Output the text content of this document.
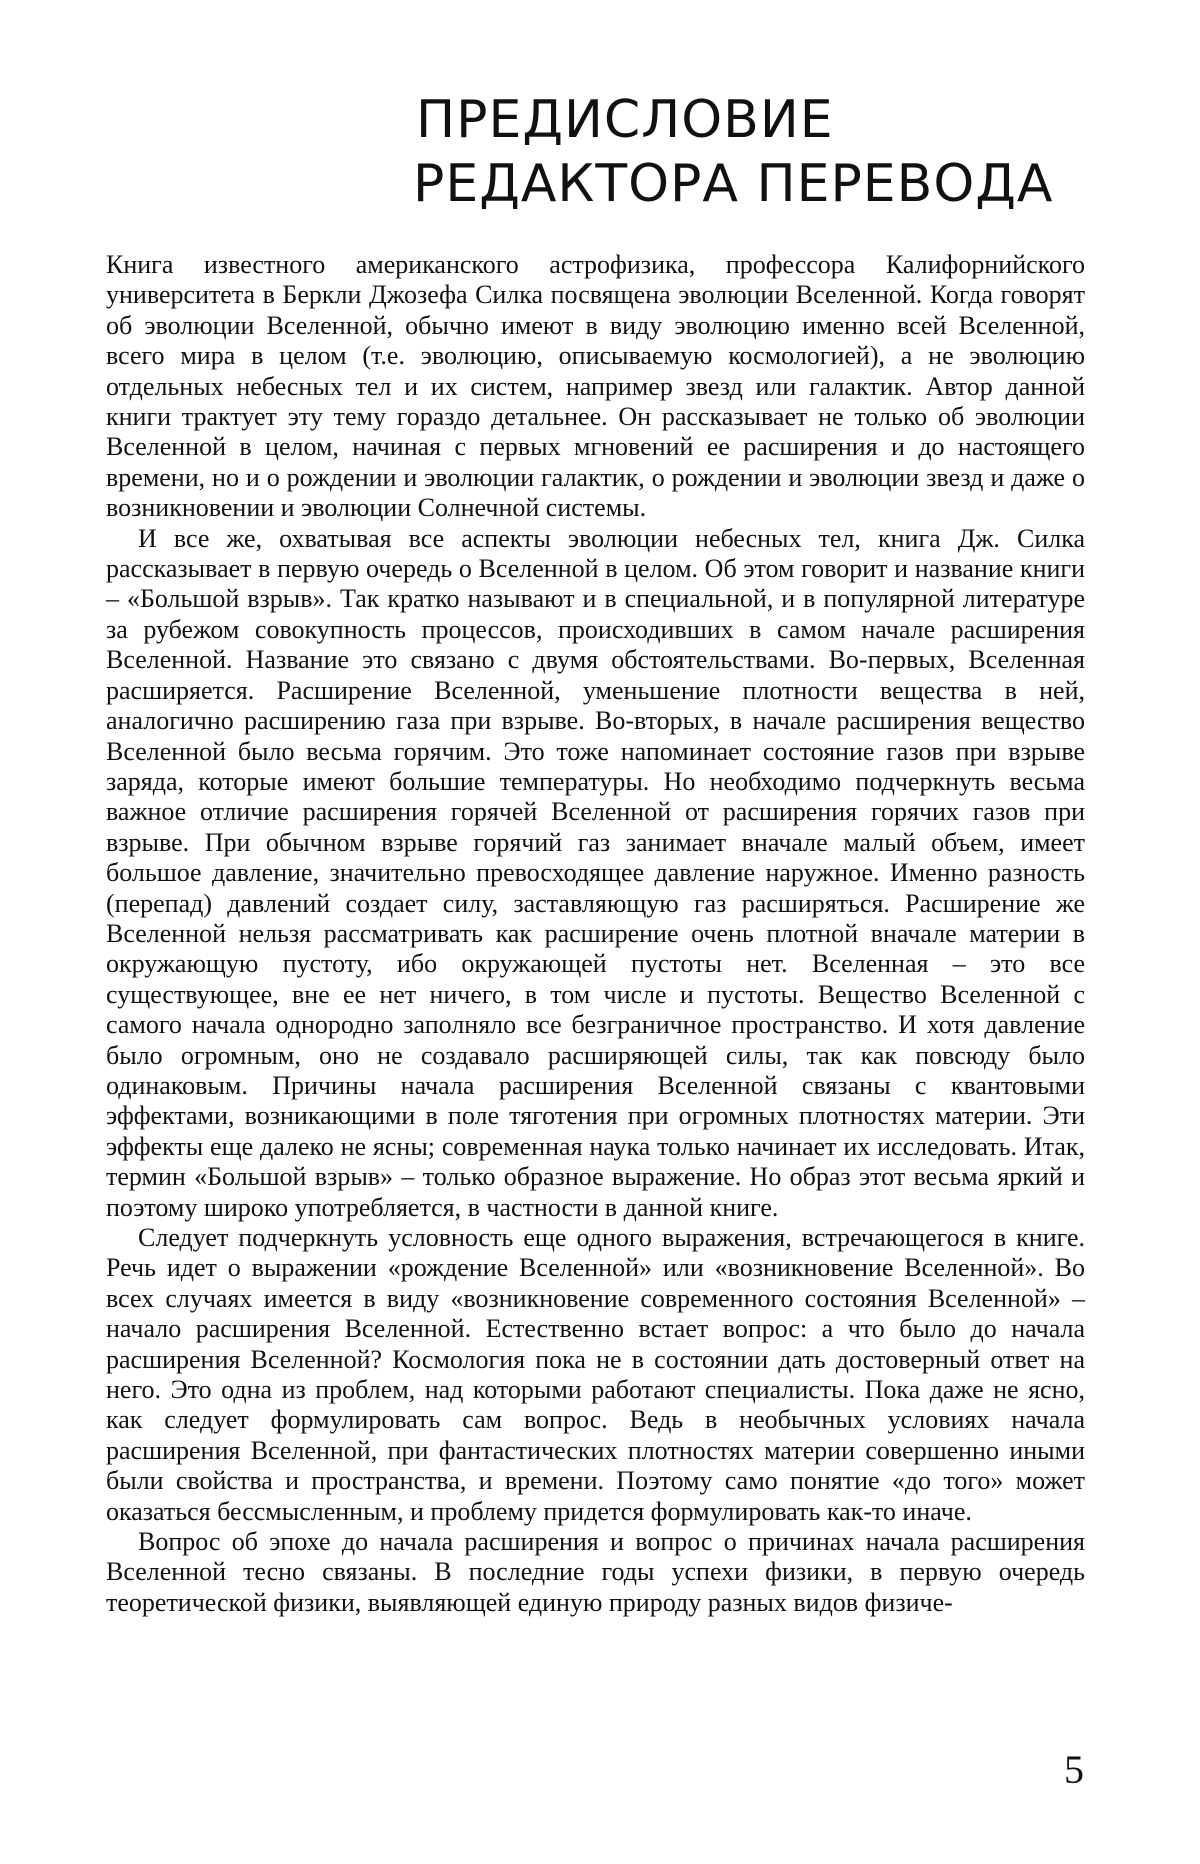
ПРЕДИСЛОВИЕ
РЕДАКТОРА ПЕРЕВОДА

Книга известного американского астрофизика, профессора Калифорнийского университета в Беркли Джозефа Силка посвящена эволюции Вселенной. Когда говорят об эволюции Вселенной, обычно имеют в виду эволюцию именно всей Вселенной, всего мира в целом (т.е. эволюцию, описываемую космологией), а не эволюцию отдельных небесных тел и их систем, например звезд или галактик. Автор данной книги трактует эту тему гораздо детальнее. Он рассказывает не только об эволюции Вселенной в целом, начиная с первых мгновений ее расширения и до настоящего времени, но и о рождении и эволюции галактик, о рождении и эволюции звезд и даже о возникновении и эволюции Солнечной системы.

И все же, охватывая все аспекты эволюции небесных тел, книга Дж. Силка рассказывает в первую очередь о Вселенной в целом. Об этом говорит и название книги – «Большой взрыв». Так кратко называют и в специальной, и в популярной литературе за рубежом совокупность процессов, происходивших в самом начале расширения Вселенной. Название это связано с двумя обстоятельствами. Во-первых, Вселенная расширяется. Расширение Вселенной, уменьшение плотности вещества в ней, аналогично расширению газа при взрыве. Во-вторых, в начале расширения вещество Вселенной было весьма горячим. Это тоже напоминает состояние газов при взрыве заряда, которые имеют большие температуры. Но необходимо подчеркнуть весьма важное отличие расширения горячей Вселенной от расширения горячих газов при взрыве. При обычном взрыве горячий газ занимает вначале малый объем, имеет большое давление, значительно превосходящее давление наружное. Именно разность (перепад) давлений создает силу, заставляющую газ расширяться. Расширение же Вселенной нельзя рассматривать как расширение очень плотной вначале материи в окружающую пустоту, ибо окружающей пустоты нет. Вселенная – это все существующее, вне ее нет ничего, в том числе и пустоты. Вещество Вселенной с самого начала однородно заполняло все безграничное пространство. И хотя давление было огромным, оно не создавало расширяющей силы, так как повсюду было одинаковым. Причины начала расширения Вселенной связаны с квантовыми эффектами, возникающими в поле тяготения при огромных плотностях материи. Эти эффекты еще далеко не ясны; современная наука только начинает их исследовать. Итак, термин «Большой взрыв» – только образное выражение. Но образ этот весьма яркий и поэтому широко употребляется, в частности в данной книге.

Следует подчеркнуть условность еще одного выражения, встречающегося в книге. Речь идет о выражении «рождение Вселенной» или «возникновение Вселенной». Во всех случаях имеется в виду «возникновение современного состояния Вселенной» – начало расширения Вселенной. Естественно встает вопрос: а что было до начала расширения Вселенной? Космология пока не в состоянии дать достоверный ответ на него. Это одна из проблем, над которыми работают специалисты. Пока даже не ясно, как следует формулировать сам вопрос. Ведь в необычных условиях начала расширения Вселенной, при фантастических плотностях материи совершенно иными были свойства и пространства, и времени. Поэтому само понятие «до того» может оказаться бессмысленным, и проблему придется формулировать как-то иначе.

Вопрос об эпохе до начала расширения и вопрос о причинах начала расширения Вселенной тесно связаны. В последние годы успехи физики, в первую очередь теоретической физики, выявляющей единую природу разных видов физиче-

5
